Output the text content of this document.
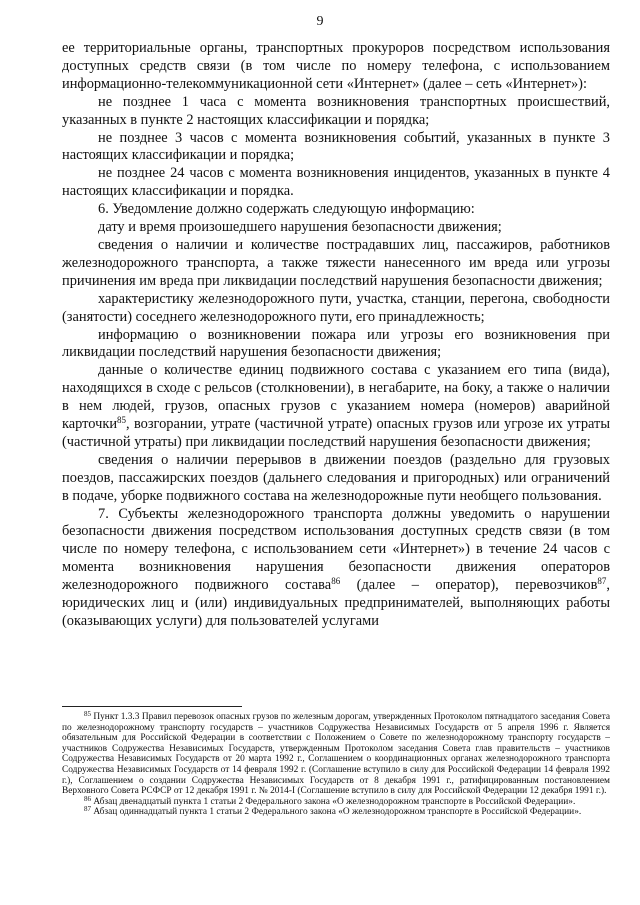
9

ее территориальные органы, транспортных прокуроров посредством использования доступных средств связи (в том числе по номеру телефона, с использованием информационно-телекоммуникационной сети «Интернет» (далее – сеть «Интернет»):

не позднее 1 часа с момента возникновения транспортных происшествий, указанных в пункте 2 настоящих классификации и порядка;

не позднее 3 часов с момента возникновения событий, указанных в пункте 3 настоящих классификации и порядка;

не позднее 24 часов с момента возникновения инцидентов, указанных в пункте 4 настоящих классификации и порядка.

6. Уведомление должно содержать следующую информацию:

дату и время произошедшего нарушения безопасности движения;

сведения о наличии и количестве пострадавших лиц, пассажиров, работников железнодорожного транспорта, а также тяжести нанесенного им вреда или угрозы причинения им вреда при ликвидации последствий нарушения безопасности движения;

характеристику железнодорожного пути, участка, станции, перегона, свободности (занятости) соседнего железнодорожного пути, его принадлежность;

информацию о возникновении пожара или угрозы его возникновения при ликвидации последствий нарушения безопасности движения;

данные о количестве единиц подвижного состава с указанием его типа (вида), находящихся в сходе с рельсов (столкновении), в негабарите, на боку, а также о наличии в нем людей, грузов, опасных грузов с указанием номера (номеров) аварийной карточки$^{85}$, возгорании, утрате (частичной утрате) опасных грузов или угрозе их утраты (частичной утраты) при ликвидации последствий нарушения безопасности движения;

сведения о наличии перерывов в движении поездов (раздельно для грузовых поездов, пассажирских поездов (дальнего следования и пригородных) или ограничений в подаче, уборке подвижного состава на железнодорожные пути необщего пользования.

7. Субъекты железнодорожного транспорта должны уведомить о нарушении безопасности движения посредством использования доступных средств связи (в том числе по номеру телефона, с использованием сети «Интернет») в течение 24 часов с момента возникновения нарушения безопасности движения операторов железнодорожного подвижного состава$^{86}$ (далее – оператор), перевозчиков$^{87}$, юридических лиц и (или) индивидуальных предпринимателей, выполняющих работы (оказывающих услуги) для пользователей услугами

$^{85}$ Пункт 1.3.3 Правил перевозок опасных грузов по железным дорогам, утвержденных Протоколом пятнадцатого заседания Совета по железнодорожному транспорту государств – участников Содружества Независимых Государств от 5 апреля 1996 г. Является обязательным для Российской Федерации в соответствии с Положением о Совете по железнодорожному транспорту государств – участников Содружества Независимых Государств, утвержденным Протоколом заседания Совета глав правительств – участников Содружества Независимых Государств от 20 марта 1992 г., Соглашением о координационных органах железнодорожного транспорта Содружества Независимых Государств от 14 февраля 1992 г. (Соглашение вступило в силу для Российской Федерации 14 февраля 1992 г.), Соглашением о создании Содружества Независимых Государств от 8 декабря 1991 г., ратифицированным постановлением Верховного Совета РСФСР от 12 декабря 1991 г. № 2014-I (Соглашение вступило в силу для Российской Федерации 12 декабря 1991 г.).

$^{86}$ Абзац двенадцатый пункта 1 статьи 2 Федерального закона «О железнодорожном транспорте в Российской Федерации».

$^{87}$ Абзац одиннадцатый пункта 1 статьи 2 Федерального закона «О железнодорожном транспорте в Российской Федерации».
